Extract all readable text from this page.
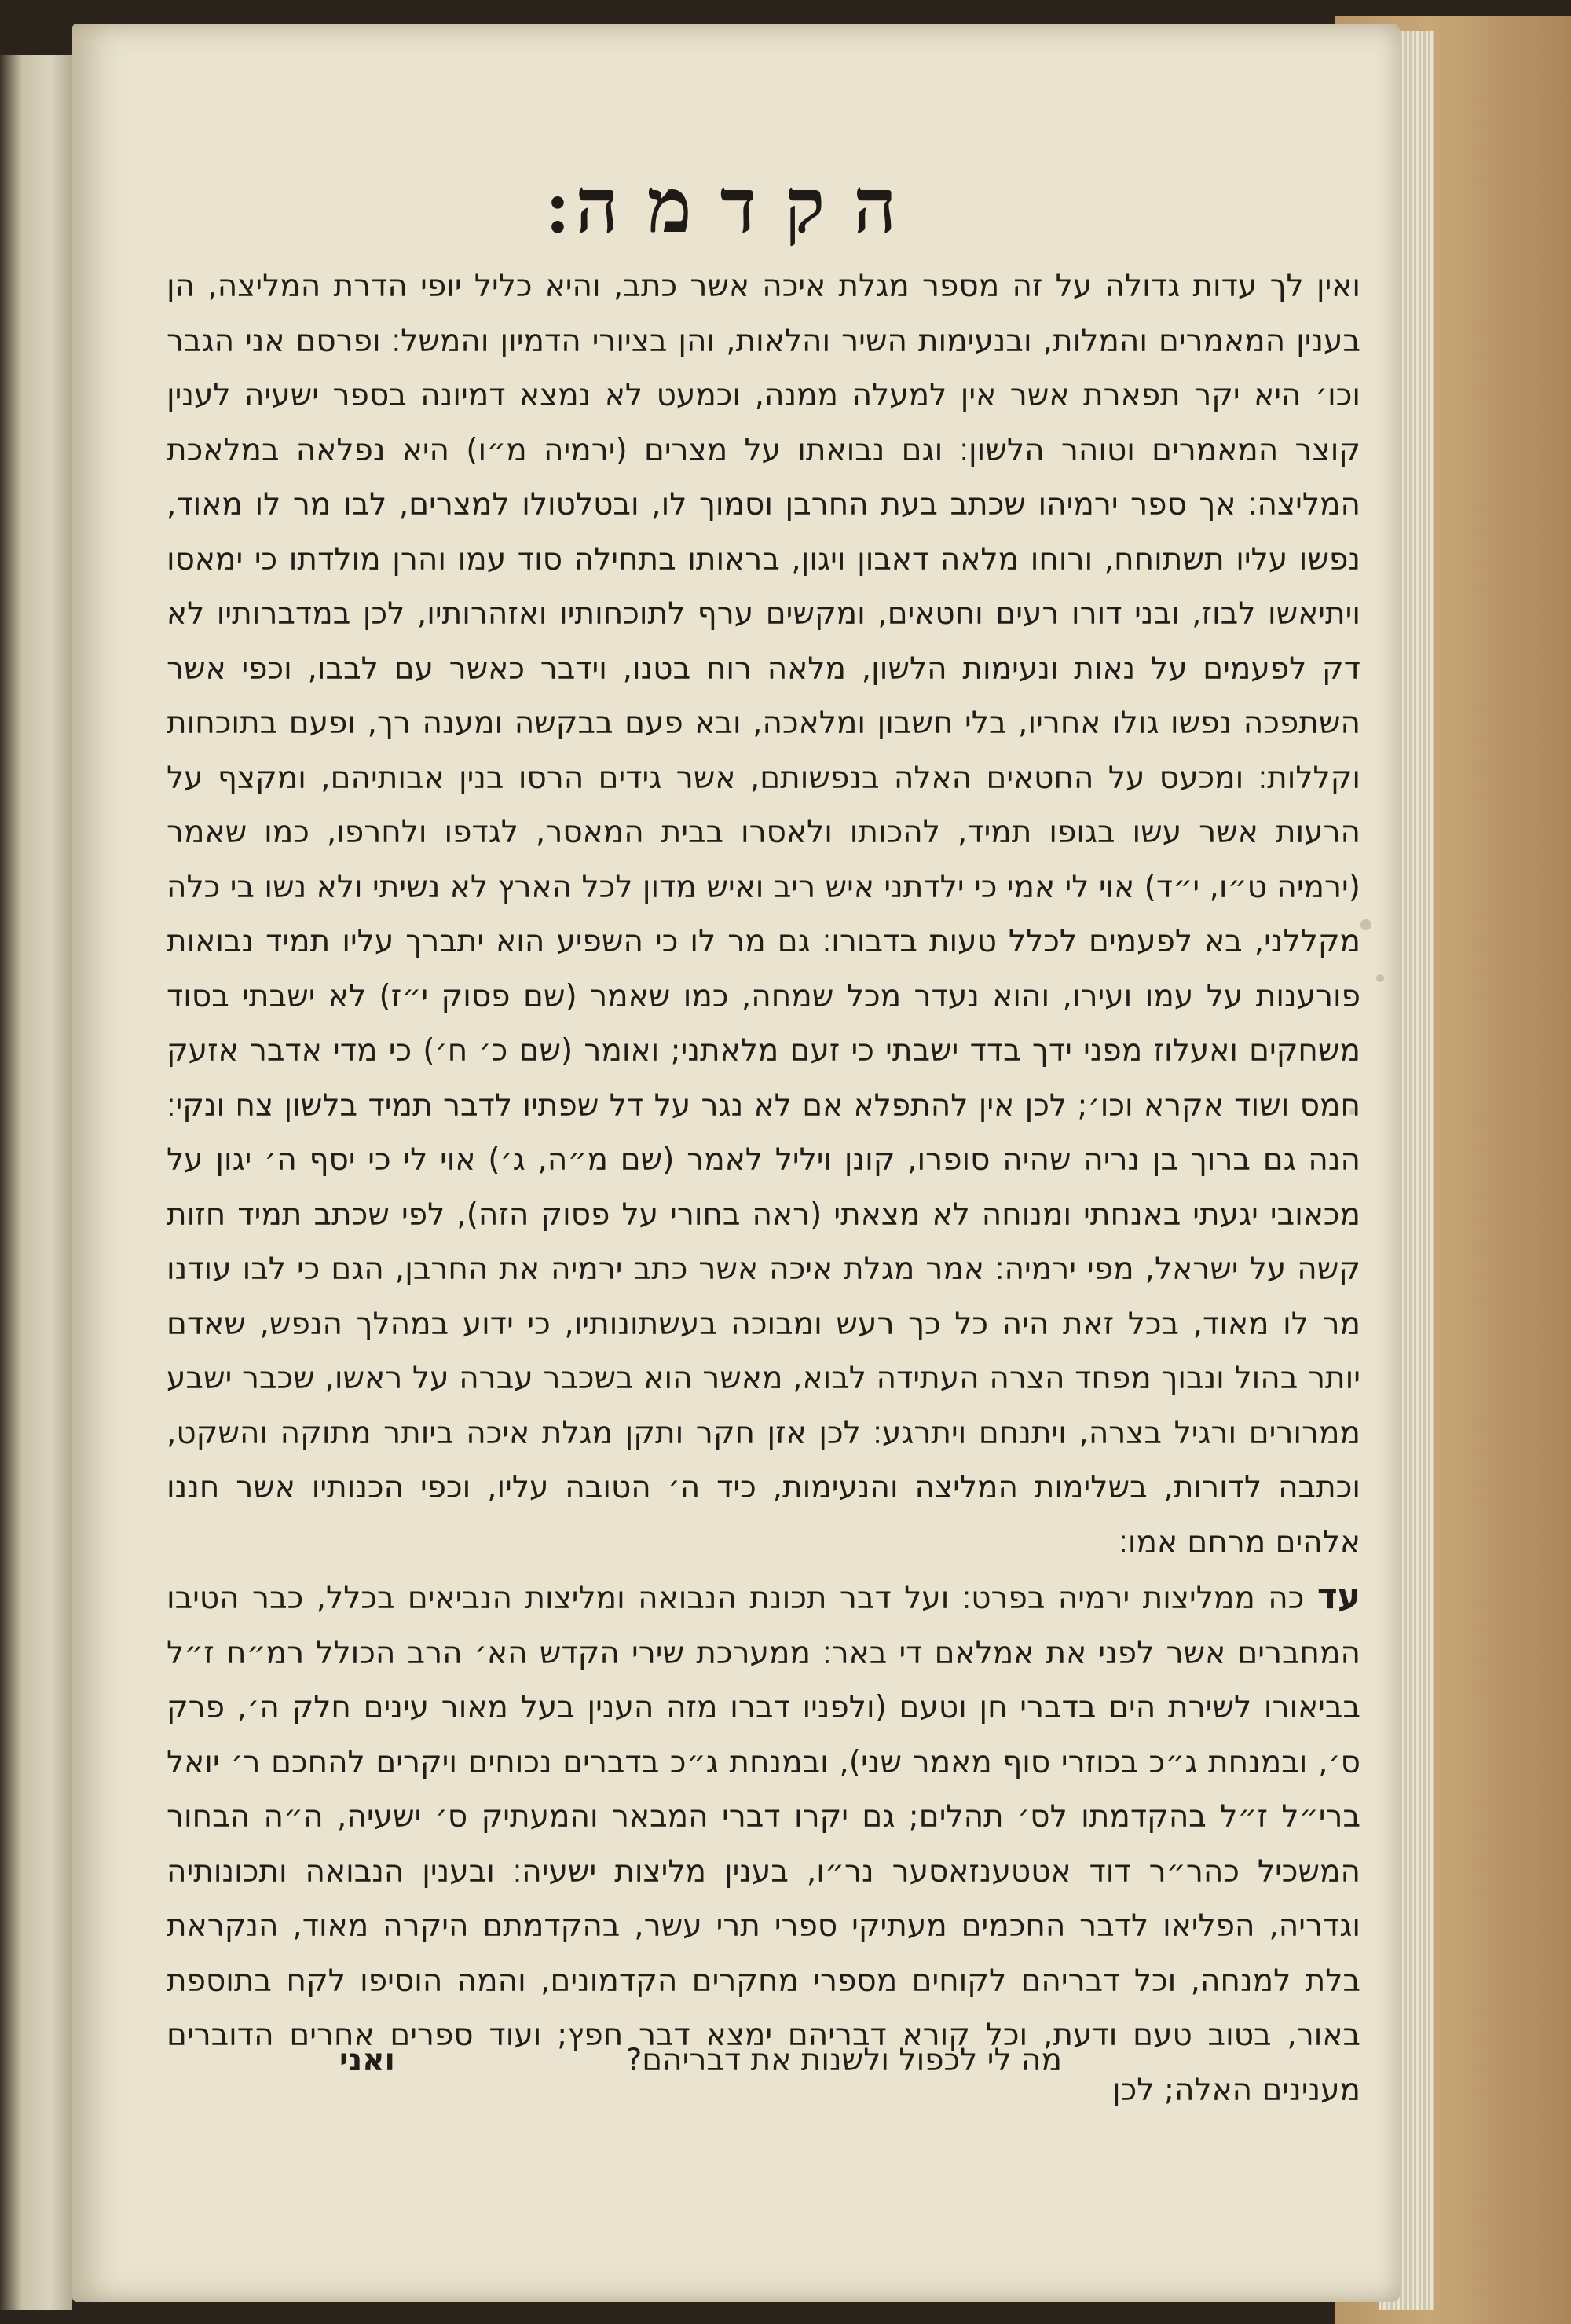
הקדמה׃

ואין לך עדות גדולה על זה מספר מגלת איכה אשר כתב, והיא כליל יופי הדרת המליצה, הן בענין המאמרים והמלות, ובנעימות השיר והלאות, והן בציורי הדמיון והמשל׃ ופרסם אני הגבר וכו׳ היא יקר תפארת אשר אין למעלה ממנה, וכמעט לא נמצא דמיונה בספר ישעיה לענין קוצר המאמרים וטוהר הלשון׃ וגם נבואתו על מצרים (ירמיה מ״ו) היא נפלאה במלאכת המליצה׃ אך ספר ירמיהו שכתב בעת החרבן וסמוך לו, ובטלטולו למצרים, לבו מר לו מאוד, נפשו עליו תשתוחח, ורוחו מלאה דאבון ויגון, בראותו בתחילה סוד עמו והרן מולדתו כי ימאסו ויתיאשו לבוז, ובני דורו רעים וחטאים, ומקשים ערף לתוכחותיו ואזהרותיו, לכן במדברותיו לא דק לפעמים על נאות ונעימות הלשון, מלאה רוח בטנו, וידבר כאשר עם לבבו, וכפי אשר השתפכה נפשו גולו אחריו, בלי חשבון ומלאכה, ובא פעם בבקשה ומענה רך, ופעם בתוכחות וקללות׃ ומכעס על החטאים האלה בנפשותם, אשר גידים הרסו בנין אבותיהם, ומקצף על הרעות אשר עשו בגופו תמיד, להכותו ולאסרו בבית המאסר, לגדפו ולחרפו, כמו שאמר (ירמיה ט״ו, י״ד) אוי לי אמי כי ילדתני איש ריב ואיש מדון לכל הארץ לא נשיתי ולא נשו בי כלה מקללני, בא לפעמים לכלל טעות בדבורו׃ גם מר לו כי השפיע הוא יתברך עליו תמיד נבואות פורענות על עמו ועירו, והוא נעדר מכל שמחה, כמו שאמר (שם פסוק י״ז) לא ישבתי בסוד משחקים ואעלוז מפני ידך בדד ישבתי כי זעם מלאתני; ואומר (שם כ׳ ח׳) כי מדי אדבר אזעק חמס ושוד אקרא וכו׳; לכן אין להתפלא אם לא נגר על דל שפתיו לדבר תמיד בלשון צח ונקי׃ הנה גם ברוך בן נריה שהיה סופרו, קונן ויליל לאמר (שם מ״ה, ג׳) אוי לי כי יסף ה׳ יגון על מכאובי יגעתי באנחתי ומנוחה לא מצאתי (ראה בחורי על פסוק הזה), לפי שכתב תמיד חזות קשה על ישראל, מפי ירמיה׃ אמר מגלת איכה אשר כתב ירמיה את החרבן, הגם כי לבו עודנו מר לו מאוד, בכל זאת היה כל כך רעש ומבוכה בעשתונותיו, כי ידוע במהלך הנפש, שאדם יותר בהול ונבוך מפחד הצרה העתידה לבוא, מאשר הוא בשכבר עברה על ראשו, שכבר ישבע ממרורים ורגיל בצרה, ויתנחם ויתרגע׃ לכן אזן חקר ותקן מגלת איכה ביותר מתוקה והשקט, וכתבה לדורות, בשלימות המליצה והנעימות, כיד ה׳ הטובה עליו, וכפי הכנותיו אשר חננו אלהים מרחם אמו׃

עד כה ממליצות ירמיה בפרט׃ ועל דבר תכונת הנבואה ומליצות הנביאים בכלל, כבר הטיבו המחברים אשר לפני את אמלאם די באר׃ ממערכת שירי הקדש הא׳ הרב הכולל רמ״ח ז״ל בביאורו לשירת הים בדברי חן וטעם (ולפניו דברו מזה הענין בעל מאור עינים חלק ה׳, פרק ס׳, ובמנחת ג״כ בכוזרי סוף מאמר שני), ובמנחת ג״כ בדברים נכוחים ויקרים להחכם ר׳ יואל ברי״ל ז״ל בהקדמתו לס׳ תהלים; גם יקרו דברי המבאר והמעתיק ס׳ ישעיה, ה״ה הבחור המשכיל כהר״ר דוד אטטענזאסער נר״ו, בענין מליצות ישעיה׃ ובענין הנבואה ותכונותיה וגדריה, הפליאו לדבר החכמים מעתיקי ספרי תרי עשר, בהקדמתם היקרה מאוד, הנקראת בלת למנחה, וכל דבריהם לקוחים מספרי מחקרים הקדמונים, והמה הוסיפו לקח בתוספת באור, בטוב טעם ודעת, וכל קורא דבריהם ימצא דבר חפץ; ועוד ספרים אחרים הדוברים מענינים האלה; לכן

מה לי לכפול ולשנות את דבריהם?
ואני
